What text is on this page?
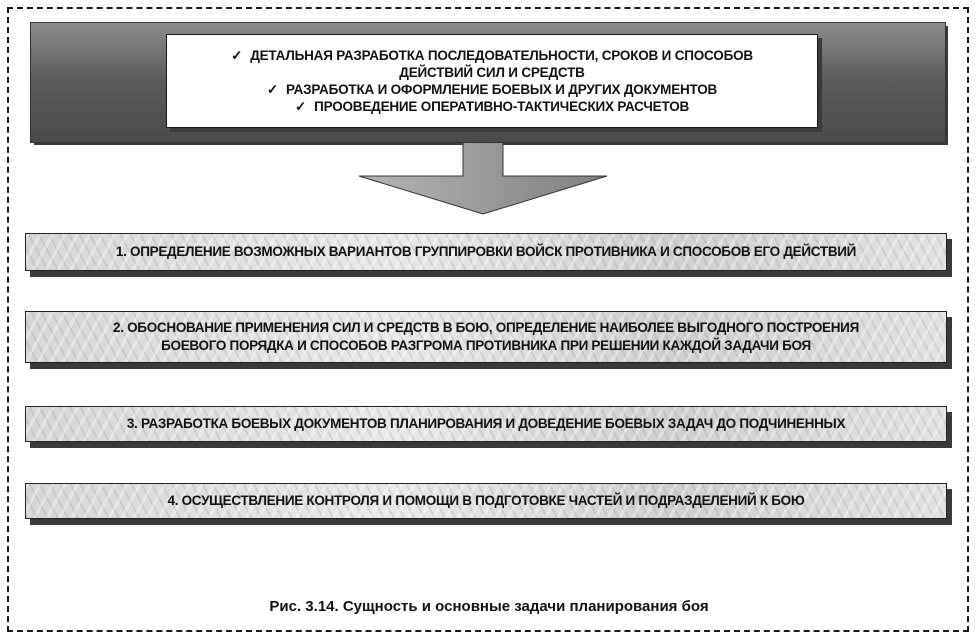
✓ ДЕТАЛЬНАЯ РАЗРАБОТКА ПОСЛЕДОВАТЕЛЬНОСТИ, СРОКОВ И СПОСОБОВ
ДЕЙСТВИЙ СИЛ И СРЕДСТВ
✓ РАЗРАБОТКА И ОФОРМЛЕНИЕ БОЕВЫХ И ДРУГИХ ДОКУМЕНТОВ
✓ ПРООВЕДЕНИЕ ОПЕРАТИВНО-ТАКТИЧЕСКИХ РАСЧЕТОВ
1. ОПРЕДЕЛЕНИЕ ВОЗМОЖНЫХ ВАРИАНТОВ ГРУППИРОВКИ ВОЙСК ПРОТИВНИКА И СПОСОБОВ ЕГО ДЕЙСТВИЙ
2. ОБОСНОВАНИЕ ПРИМЕНЕНИЯ СИЛ И СРЕДСТВ В БОЮ, ОПРЕДЕЛЕНИЕ НАИБОЛЕЕ ВЫГОДНОГО ПОСТРОЕНИЯ
БОЕВОГО ПОРЯДКА И СПОСОБОВ РАЗГРОМА ПРОТИВНИКА ПРИ РЕШЕНИИ КАЖДОЙ ЗАДАЧИ БОЯ
3. РАЗРАБОТКА БОЕВЫХ ДОКУМЕНТОВ ПЛАНИРОВАНИЯ И ДОВЕДЕНИЕ БОЕВЫХ ЗАДАЧ ДО ПОДЧИНЕННЫХ
4. ОСУЩЕСТВЛЕНИЕ КОНТРОЛЯ И ПОМОЩИ В ПОДГОТОВКЕ ЧАСТЕЙ И ПОДРАЗДЕЛЕНИЙ К БОЮ
Рис. 3.14. Сущность и основные задачи планирования боя
